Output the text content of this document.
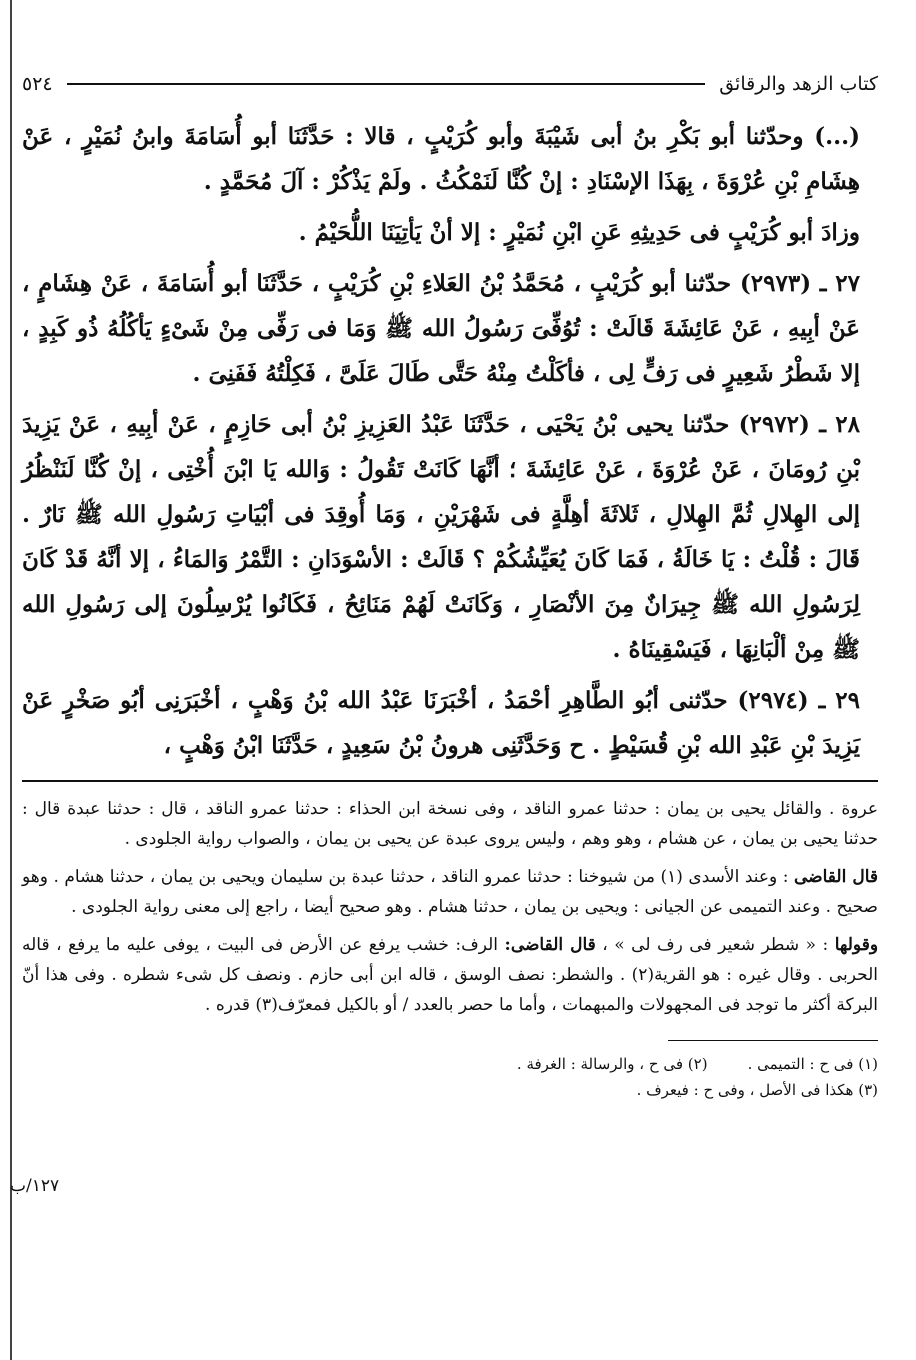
كتاب الزهد والرقائق
٥٢٤

(...) وحدّثنا أبو بَكْرِ بنُ أبى شَيْبَةَ وأبو كُرَيْبٍ ، قالا : حَدَّثَنَا أبو أُسَامَةَ وابنُ نُمَيْرٍ ، عَنْ هِشَامِ بْنِ عُرْوَةَ ، بِهَذَا الإسْنَادِ : إنْ كُنَّا لَنَمْكُثُ . ولَمْ يَذْكُرْ : آلَ مُحَمَّدٍ .

وزادَ أبو كُرَيْبٍ فى حَدِيثِهِ عَنِ ابْنِ نُمَيْرٍ : إلا أنْ يَأتِيَنَا اللُّحَيْمُ .

٢٧ ـ (٢٩٧٣) حدّثنا أبو كُرَيْبٍ ، مُحَمَّدُ بْنُ العَلاءِ بْنِ كُرَيْبٍ ، حَدَّثَنَا أبو أُسَامَةَ ، عَنْ هِشَامٍ ، عَنْ أبِيهِ ، عَنْ عَائِشَةَ قَالَتْ : تُوُفِّىَ رَسُولُ الله ﷺ وَمَا فى رَفِّى مِنْ شَىْءٍ يَأكُلُهُ ذُو كَبِدٍ ، إلا شَطْرُ شَعِيرٍ فى رَفٍّ لِى ، فأكَلْتُ مِنْهُ حَتَّى طَالَ عَلَىَّ ، فَكِلْتُهُ فَفَنِىَ .

٢٨ ـ (٢٩٧٢) حدّثنا يحيى بْنُ يَحْيَى ، حَدَّثَنَا عَبْدُ العَزِيزِ بْنُ أبى حَازِمٍ ، عَنْ أبِيهِ ، عَنْ يَزِيدَ بْنِ رُومَانَ ، عَنْ عُرْوَةَ ، عَنْ عَائِشَةَ ؛ أنَّهَا كَانَتْ تَقُولُ : وَالله يَا ابْنَ أُخْتِى ، إنْ كُنَّا لَنَنْظُرُ إلى الهِلالِ ثُمَّ الهِلالِ ، ثَلاثَةَ أهِلَّةٍ فى شَهْرَيْنِ ، وَمَا أُوقِدَ فى أبْيَاتِ رَسُولِ الله ﷺ نَارٌ . قَالَ : قُلْتُ : يَا خَالَةُ ، فَمَا كَانَ يُعَيِّشُكُمْ ؟ قَالَتْ : الأسْوَدَانِ : التَّمْرُ وَالمَاءُ ، إلا أنَّهُ قَدْ كَانَ لِرَسُولِ الله ﷺ جِيرَانٌ مِنَ الأنْصَارِ ، وَكَانَتْ لَهُمْ مَنَائِحُ ، فَكَانُوا يُرْسِلُونَ إلى رَسُولِ الله ﷺ مِنْ ألْبَانِهَا ، فَيَسْقِينَاهُ .

٢٩ ـ (٢٩٧٤) حدّثنى أبُو الطَّاهِرِ أحْمَدُ ، أخْبَرَنَا عَبْدُ الله بْنُ وَهْبٍ ، أخْبَرَنِى أبُو صَخْرٍ عَنْ يَزِيدَ بْنِ عَبْدِ الله بْنِ قُسَيْطٍ . ح وَحَدَّثَنِى هرونُ بْنُ سَعِيدٍ ، حَدَّثَنَا ابْنُ وَهْبٍ ،

عروة . والقائل يحيى بن يمان : حدثنا عمرو الناقد ، وفى نسخة ابن الحذاء : حدثنا عمرو الناقد ، قال : حدثنا عبدة قال : حدثنا يحيى بن يمان ، عن هشام ، وهو وهم ، وليس يروى عبدة عن يحيى بن يمان ، والصواب رواية الجلودى .

قال القاضى : وعند الأسدى (١) من شيوخنا : حدثنا عمرو الناقد ، حدثنا عبدة بن سليمان ويحيى بن يمان ، حدثنا هشام . وهو صحيح . وعند التميمى عن الجيانى : ويحيى بن يمان ، حدثنا هشام . وهو صحيح أيضا ، راجع إلى معنى رواية الجلودى .

وقولها : « شطر شعير فى رف لى » ، قال القاضى: الرف: خشب يرفع عن الأرض فى البيت ، يوفى عليه ما يرفع ، قاله الحربى . وقال غيره : هو القرية(٢) . والشطر: نصف الوسق ، قاله ابن أبى حازم . ونصف كل شىء شطره . وفى هذا أنّ البركة أكثر ما توجد فى المجهولات والمبهمات ، وأما ما حصر بالعدد / أو بالكيل فمعرّف(٣) قدره .

١٢٧/ب
(١) فى ح : التميمى .
(٢) فى ح ، والرسالة : الغرفة .
(٣) هكذا فى الأصل ، وفى ح : فيعرف .
